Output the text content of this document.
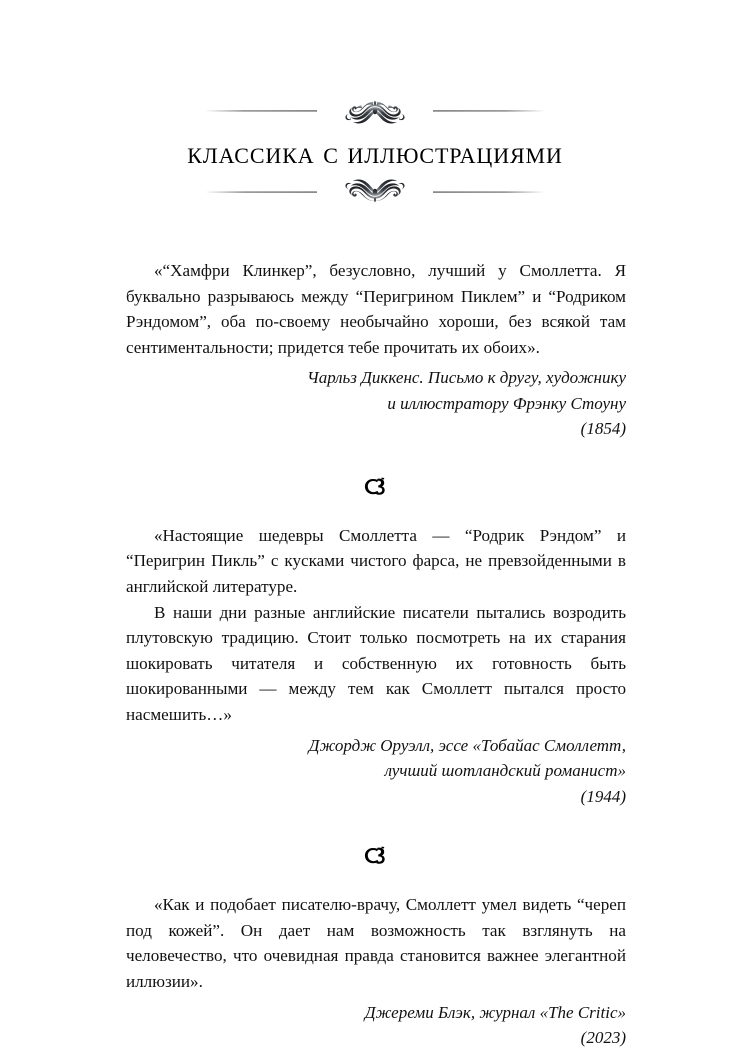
классика с иллюстрациями

«“Хамфри Клинкер”, безусловно, лучший у Смоллетта. Я буквально разрываюсь между “Перигрином Пиклем” и “Родриком Рэндомом”, оба по-своему необычайно хороши, без всякой там сентиментальности; придется тебе прочитать их обоих».

Чарльз Диккенс. Письмо к другу, художнику
и иллюстратору Фрэнку Стоуну
(1854)

«Настоящие шедевры Смоллетта — “Родрик Рэндом” и “Перигрин Пикль” с кусками чистого фарса, не превзойденными в английской литературе.

В наши дни разные английские писатели пытались возродить плутовскую традицию. Стоит только посмотреть на их старания шокировать читателя и собственную их готовность быть шокированными — между тем как Смоллетт пытался просто насмешить…»

Джордж Оруэлл, эссе «Тобайас Смоллетт,
лучший шотландский романист»
(1944)

«Как и подобает писателю-врачу, Смоллетт умел видеть “череп под кожей”. Он дает нам возможность так взглянуть на человечество, что очевидная правда становится важнее элегантной иллюзии».

Джереми Блэк, журнал «The Critic»
(2023)
